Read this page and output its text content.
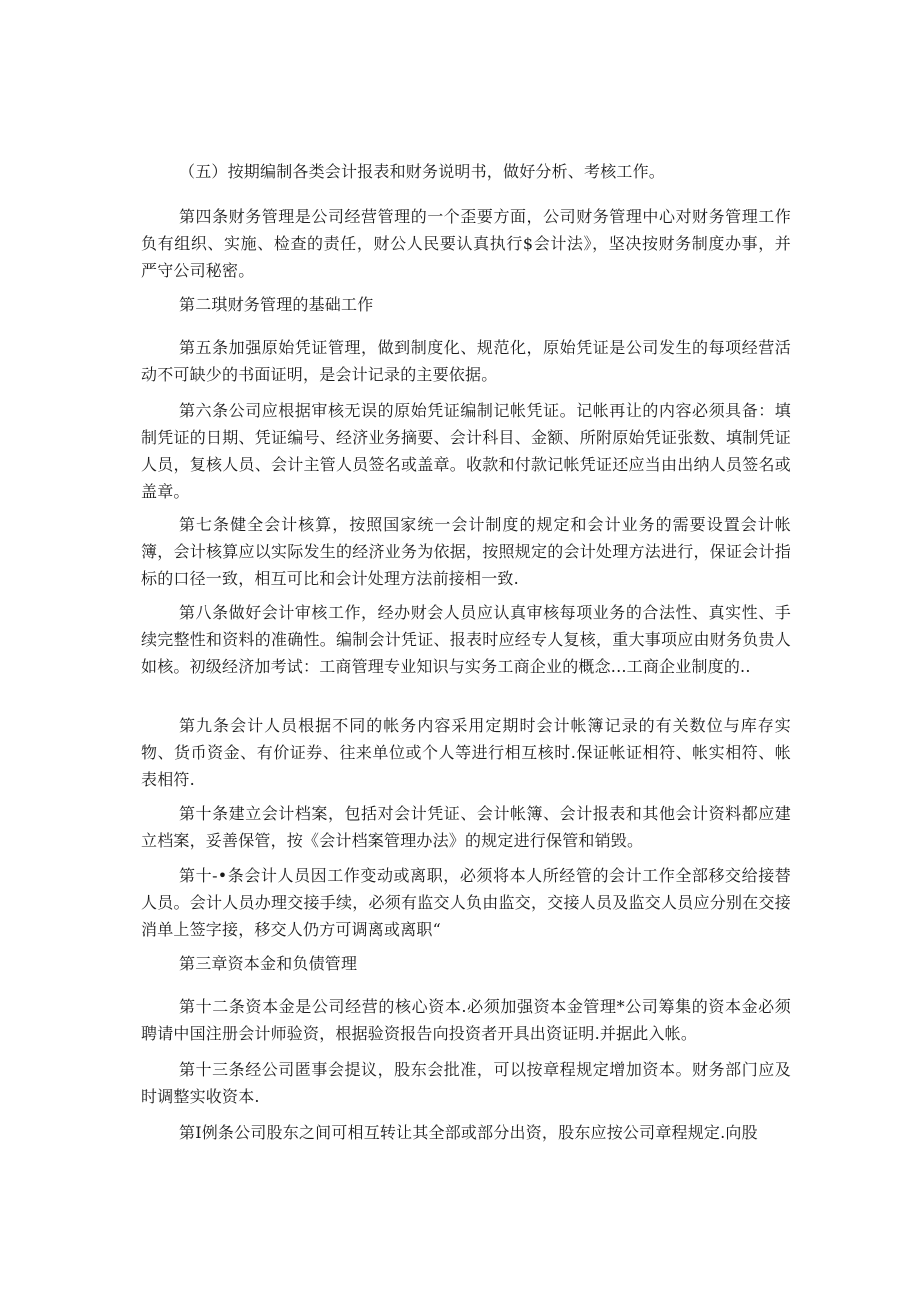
（五）按期编制各类会计报表和财务说明书，做好分析、考核工作。

第四条财务管理是公司经营管理的一个歪要方面，公司财务管理中心对财务管理工作负有组织、实施、检查的责任，财公人民要认真执行$会计法》，坚决按财务制度办事，并严守公司秘密。

第二琪财务管理的基础工作

第五条加强原始凭证管理，做到制度化、规范化，原始凭证是公司发生的每项经营活动不可缺少的书面证明，是会计记录的主要依据。

第六条公司应根据审核无误的原始凭证编制记帐凭证。记帐再让的内容必须具备：填制凭证的日期、凭证编号、经济业务摘要、会计科目、金额、所附原始凭证张数、填制凭证人员，复核人员、会计主管人员签名或盖章。收款和付款记帐凭证还应当由出纳人员签名或盖章。

第七条健全会计核算，按照国家统一会计制度的规定和会计业务的需要设置会计帐簿，会计核算应以实际发生的经济业务为依据，按照规定的会计处理方法进行，保证会计指标的口径一致，相互可比和会计处理方法前接相一致.

第八条做好会计审核工作，经办财会人员应认真审核每项业务的合法性、真实性、手续完整性和资料的准确性。编制会计凭证、报表时应经专人复核，重大事项应由财务负贵人如核。初级经济加考试：工商管理专业知识与实务工商企业的概念...工商企业制度的..

第九条会计人员根据不同的帐务内容采用定期时会计帐簿记录的有关数位与库存实物、货币资金、有价证券、往来单位或个人等进行相互核时.保证帐证相符、帐实相符、帐表相符.

第十条建立会计档案，包括对会计凭证、会计帐簿、会计报表和其他会计资料都应建立档案，妥善保管，按《会计档案管理办法》的规定进行保管和销毁。

第十-•条会计人员因工作变动或离职，必须将本人所经管的会计工作全部移交给接替人员。会计人员办理交接手续，必须有监交人负由监交，交接人员及监交人员应分别在交接消单上签字接，移交人仍方可调离或离职“

第三章资本金和负债管理

第十二条资本金是公司经营的核心资本.必须加强资本金管理*公司筹集的资本金必须聘请中国注册会计师验资，根据验资报告向投资者开具出资证明.并据此入帐。

第十三条经公司匿事会提议，股东会批准，可以按章程规定增加资本。财务部门应及时调整实收资本.

第I例条公司股东之间可相互转让其全部或部分出资，股东应按公司章程规定.向股
